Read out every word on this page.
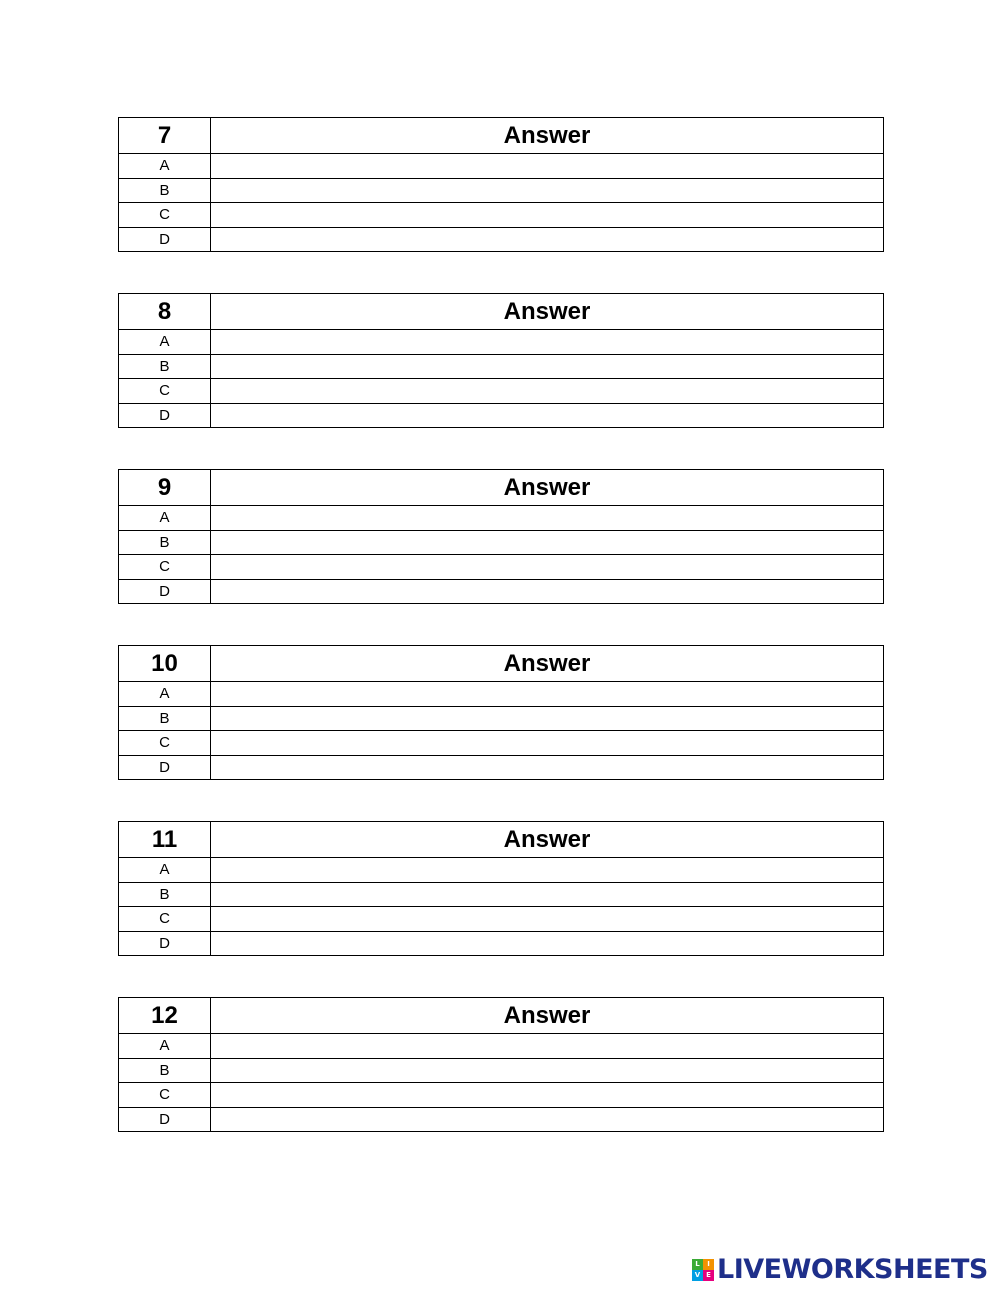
7	Answer
A	
B	
C	
D	
8	Answer
A	
B	
C	
D	
9	Answer
A	
B	
C	
D	
10	Answer
A	
B	
C	
D	
11	Answer
A	
B	
C	
D	
12	Answer
A	
B	
C	
D	
L	I
V E LIVEWORKSHEETS
